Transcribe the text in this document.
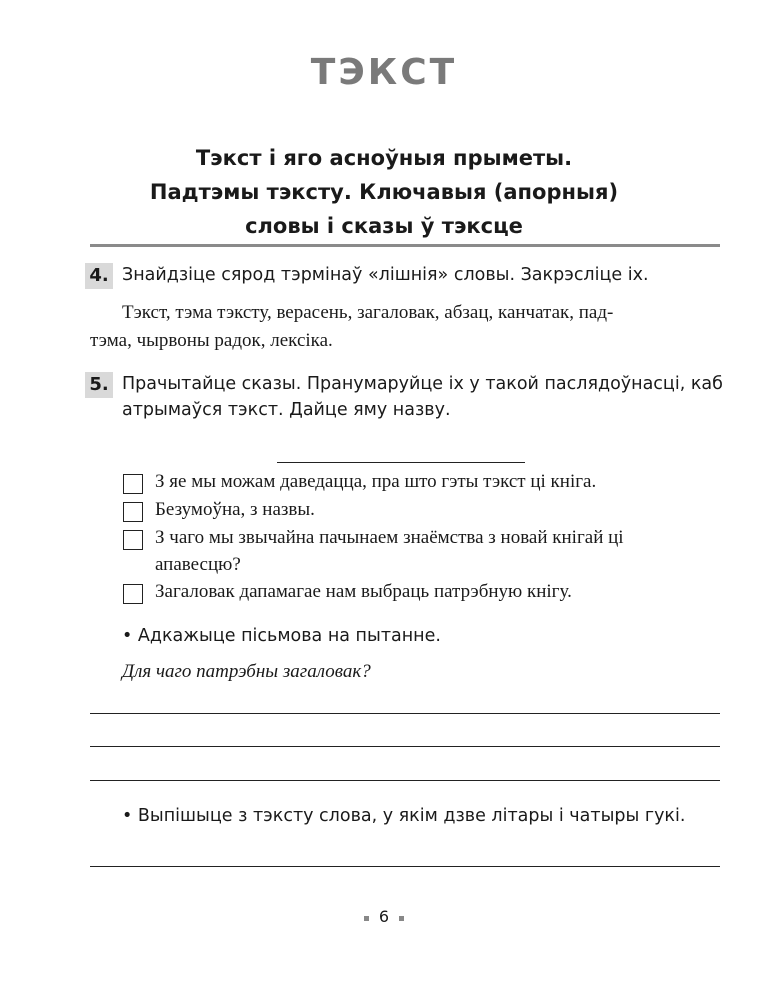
ТЭКСТ
Тэкст і яго асноўныя прыметы.
Падтэмы тэксту. Ключавыя (апорныя)
словы і сказы ў тэксце
4. Знайдзіце сярод тэрмінаў «лішнія» словы. Закрэсліце іх.
Тэкст, тэма тэксту, верасень, загаловак, абзац, канчатак, пад-
тэма, чырвоны радок, лексіка.
5. Прачытайце сказы. Пранумаруйце іх у такой паслядоўнасці, каб
атрымаўся тэкст. Дайце яму назву.
З яе мы можам даведацца, пра што гэты тэкст ці кніга.
Безумоўна, з назвы.
З чаго мы звычайна пачынаем знаёмства з новай кнігай ці
апавесцю?
Загаловак дапамагае нам выбраць патрэбную кнігу.
• Адкажыце пісьмова на пытанне.
Для чаго патрэбны загаловак?
• Выпішыце з тэксту слова, у якім дзве літары і чатыры гукі.
6
